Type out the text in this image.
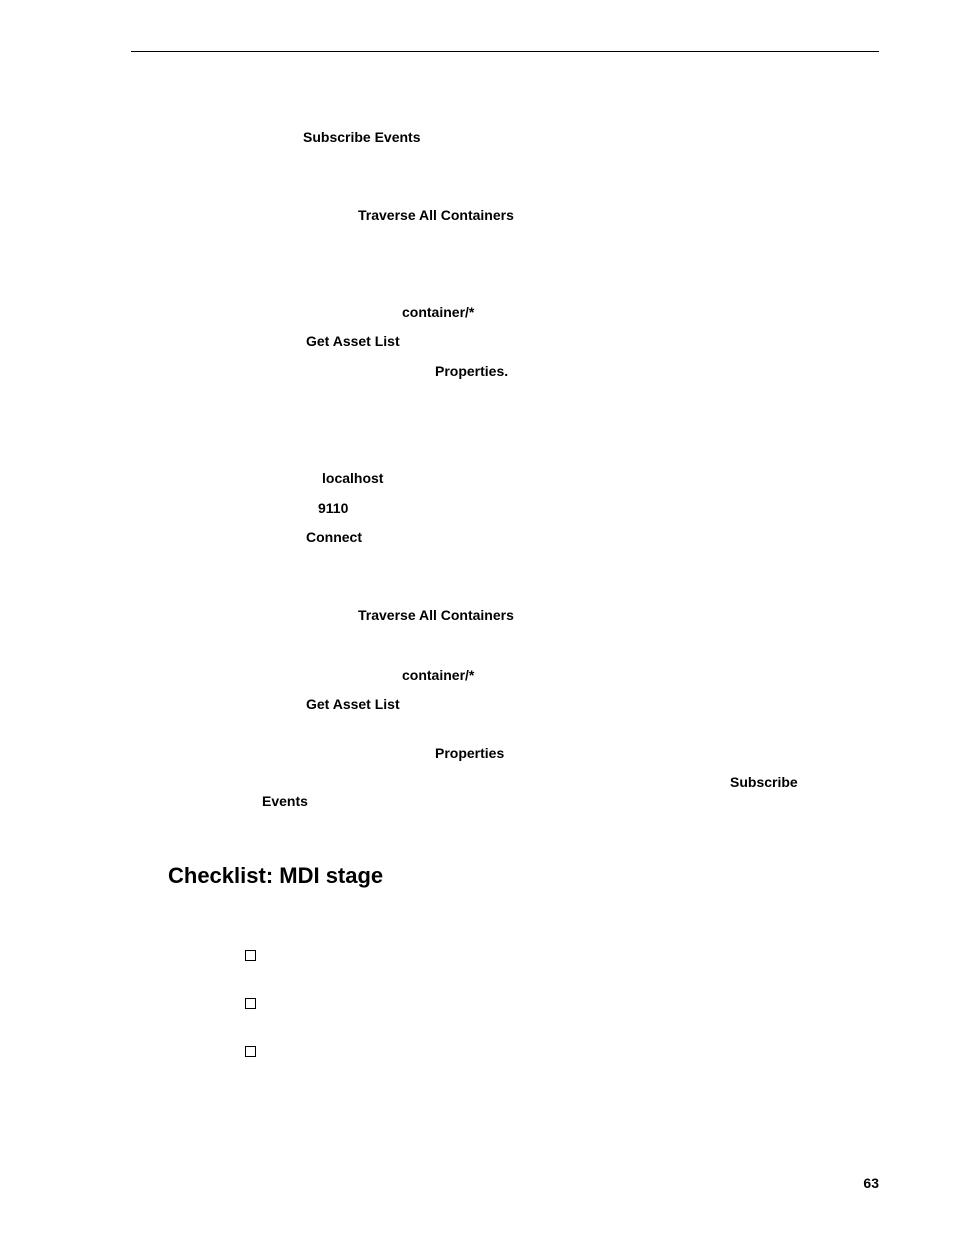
Subscribe Events
Traverse All Containers
container/*
Get Asset List
Properties.
localhost
9110
Connect
Traverse All Containers
container/*
Get Asset List
Properties
Subscribe
Events
Checklist: MDI stage
63
